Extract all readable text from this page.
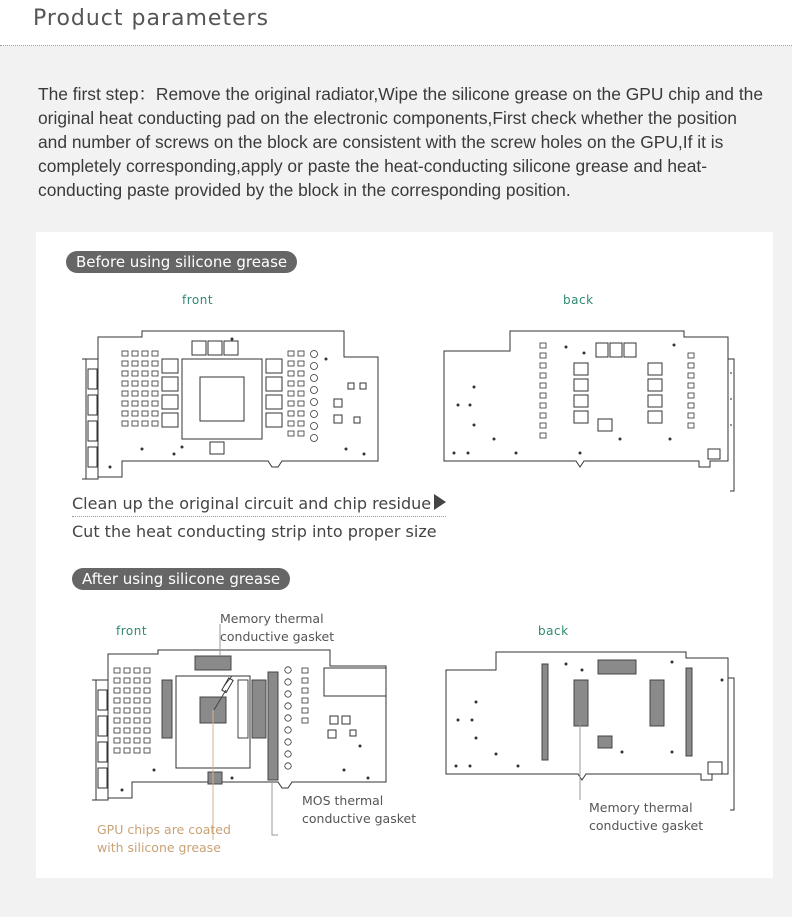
Product parameters

The first step：Remove the original radiator,Wipe the silicone grease on the GPU chip and the original heat conducting pad on the electronic components,First check whether the position and number of screws on the block are consistent with the screw holes on the GPU,If it is completely corresponding,apply or paste the heat-conducting silicone grease and heat-conducting paste provided by the block in the corresponding position.

Before using silicone grease
front	back
Clean up the original circuit and chip residue
Cut the heat conducting strip into proper size
After using silicone grease
front	back
Memory thermal
conductive gasket
MOS thermal
conductive gasket
GPU chips are coated
with silicone grease
Memory thermal
conductive gasket
